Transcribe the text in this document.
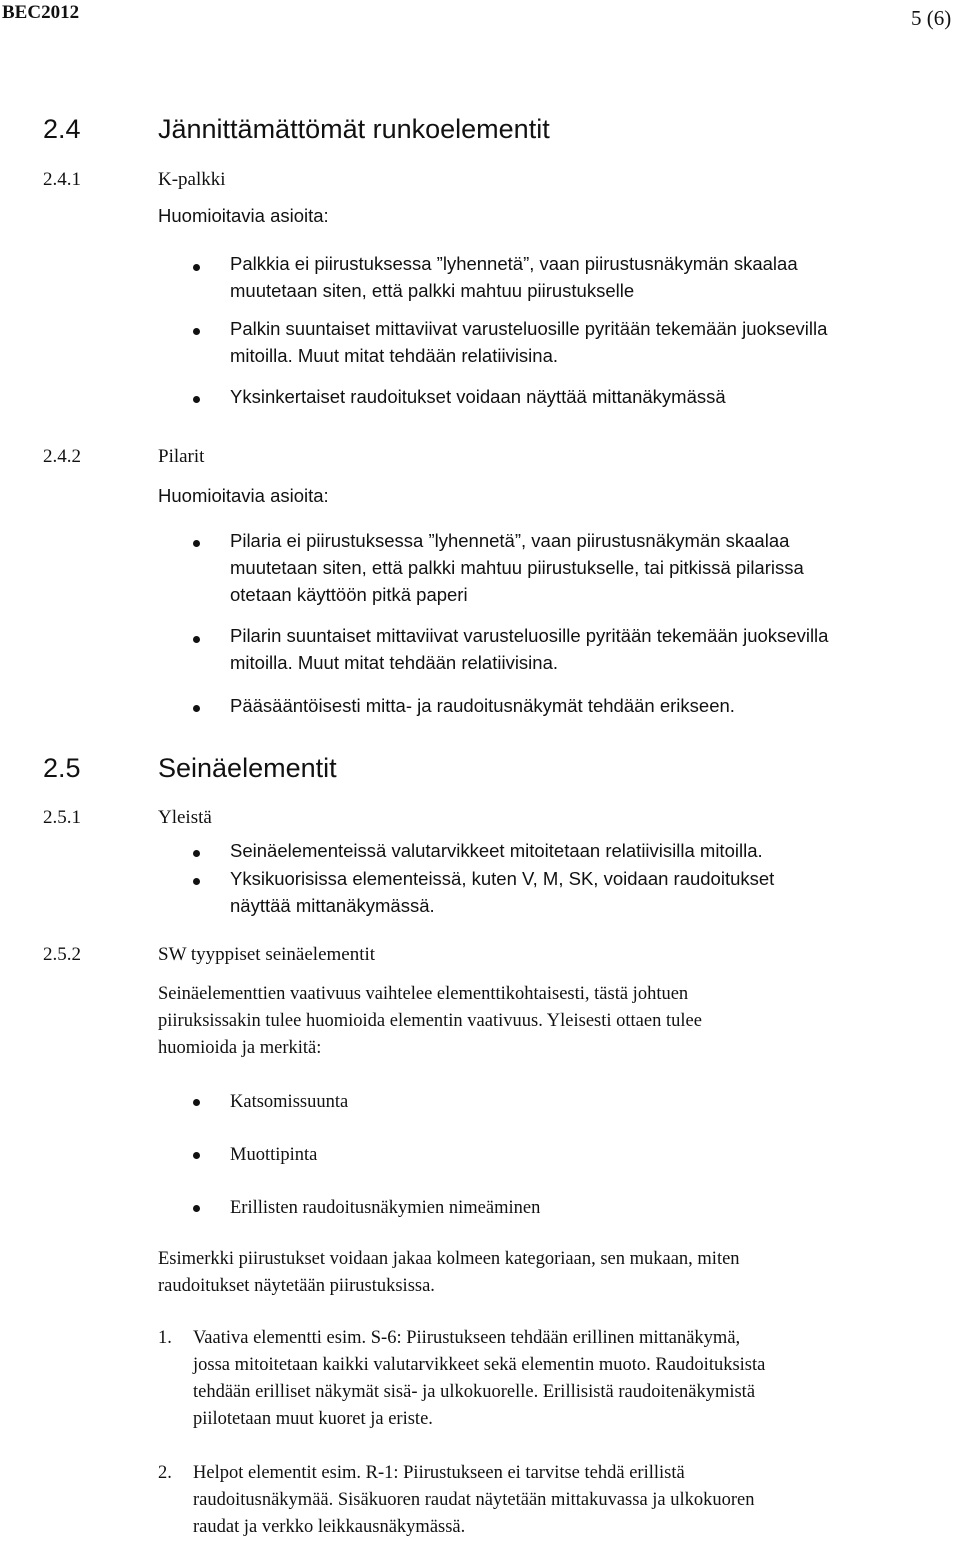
BEC2012	5 (6)
2.4	Jännittämättömät runkoelementit
2.4.1	K-palkki
Huomioitavia asioita:
Palkkia ei piirustuksessa ”lyhennetä”, vaan piirustusnäkymän skaalaa
muutetaan siten, että palkki mahtuu piirustukselle
Palkin suuntaiset mittaviivat varusteluosille pyritään tekemään juoksevilla
mitoilla. Muut mitat tehdään relatiivisina.
Yksinkertaiset raudoitukset voidaan näyttää mittanäkymässä
2.4.2	Pilarit
Huomioitavia asioita:
Pilaria ei piirustuksessa ”lyhennetä”, vaan piirustusnäkymän skaalaa
muutetaan siten, että palkki mahtuu piirustukselle, tai pitkissä pilarissa
otetaan käyttöön pitkä paperi
Pilarin suuntaiset mittaviivat varusteluosille pyritään tekemään juoksevilla
mitoilla. Muut mitat tehdään relatiivisina.
Pääsääntöisesti mitta- ja raudoitusnäkymät tehdään erikseen.
2.5	Seinäelementit
2.5.1	Yleistä
Seinäelementeissä valutarvikkeet mitoitetaan relatiivisilla mitoilla.
Yksikuorisissa elementeissä, kuten V, M, SK, voidaan raudoitukset
näyttää mittanäkymässä.
2.5.2	SW tyyppiset seinäelementit
Seinäelementtien vaativuus vaihtelee elementtikohtaisesti, tästä johtuen
piiruksissakin tulee huomioida elementin vaativuus. Yleisesti ottaen tulee
huomioida ja merkitä:
Katsomissuunta
Muottipinta
Erillisten raudoitusnäkymien nimeäminen
Esimerkki piirustukset voidaan jakaa kolmeen kategoriaan, sen mukaan, miten
raudoitukset näytetään piirustuksissa.
1. Vaativa elementti esim. S-6: Piirustukseen tehdään erillinen mittanäkymä,
jossa mitoitetaan kaikki valutarvikkeet sekä elementin muoto. Raudoituksista
tehdään erilliset näkymät sisä- ja ulkokuorelle. Erillisistä raudoitenäkymistä
piilotetaan muut kuoret ja eriste.
2. Helpot elementit esim. R-1: Piirustukseen ei tarvitse tehdä erillistä
raudoitusnäkymää. Sisäkuoren raudat näytetään mittakuvassa ja ulkokuoren
raudat ja verkko leikkausnäkymässä.
